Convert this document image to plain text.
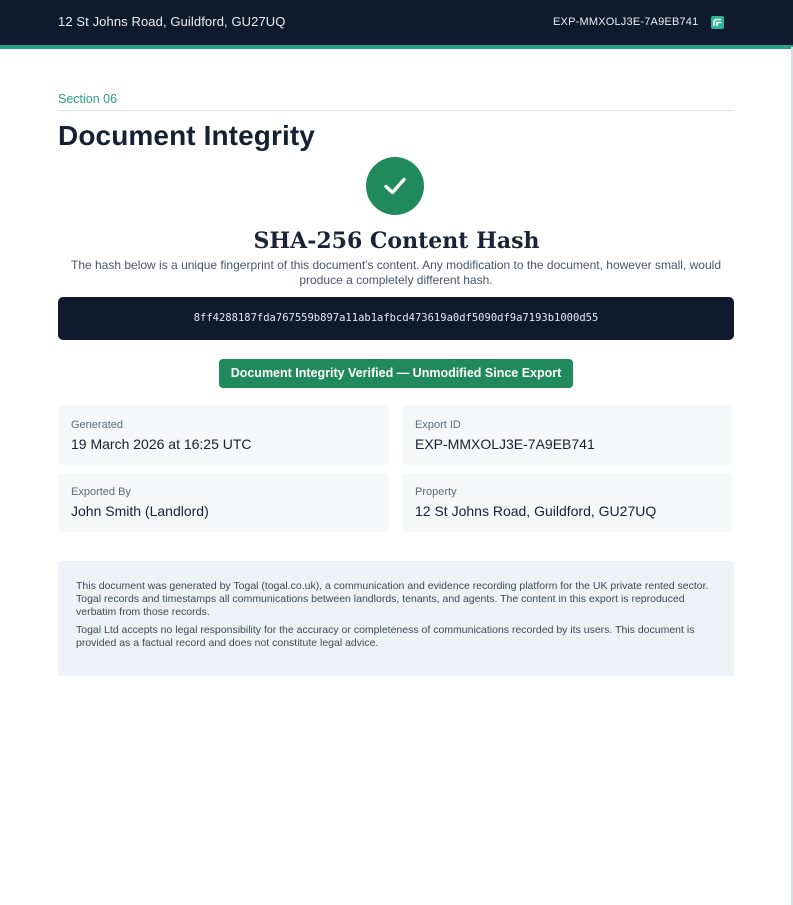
12 St Johns Road, Guildford, GU27UQ	EXP-MMXOLJ3E-7A9EB741
Section 06
Document Integrity
SHA-256 Content Hash
The hash below is a unique fingerprint of this document's content. Any modification to the document, however small, would produce a completely different hash.
8ff4288187fda767559b897a11ab1afbcd473619a0df5090df9a7193b1000d55
Document Integrity Verified — Unmodified Since Export
Generated
19 March 2026 at 16:25 UTC
Export ID
EXP-MMXOLJ3E-7A9EB741
Exported By
John Smith (Landlord)
Property
12 St Johns Road, Guildford, GU27UQ

This document was generated by Togal (togal.co.uk), a communication and evidence recording platform for the UK private rented sector. Togal records and timestamps all communications between landlords, tenants, and agents. The content in this export is reproduced verbatim from those records.

Togal Ltd accepts no legal responsibility for the accuracy or completeness of communications recorded by its users. This document is provided as a factual record and does not constitute legal advice.
